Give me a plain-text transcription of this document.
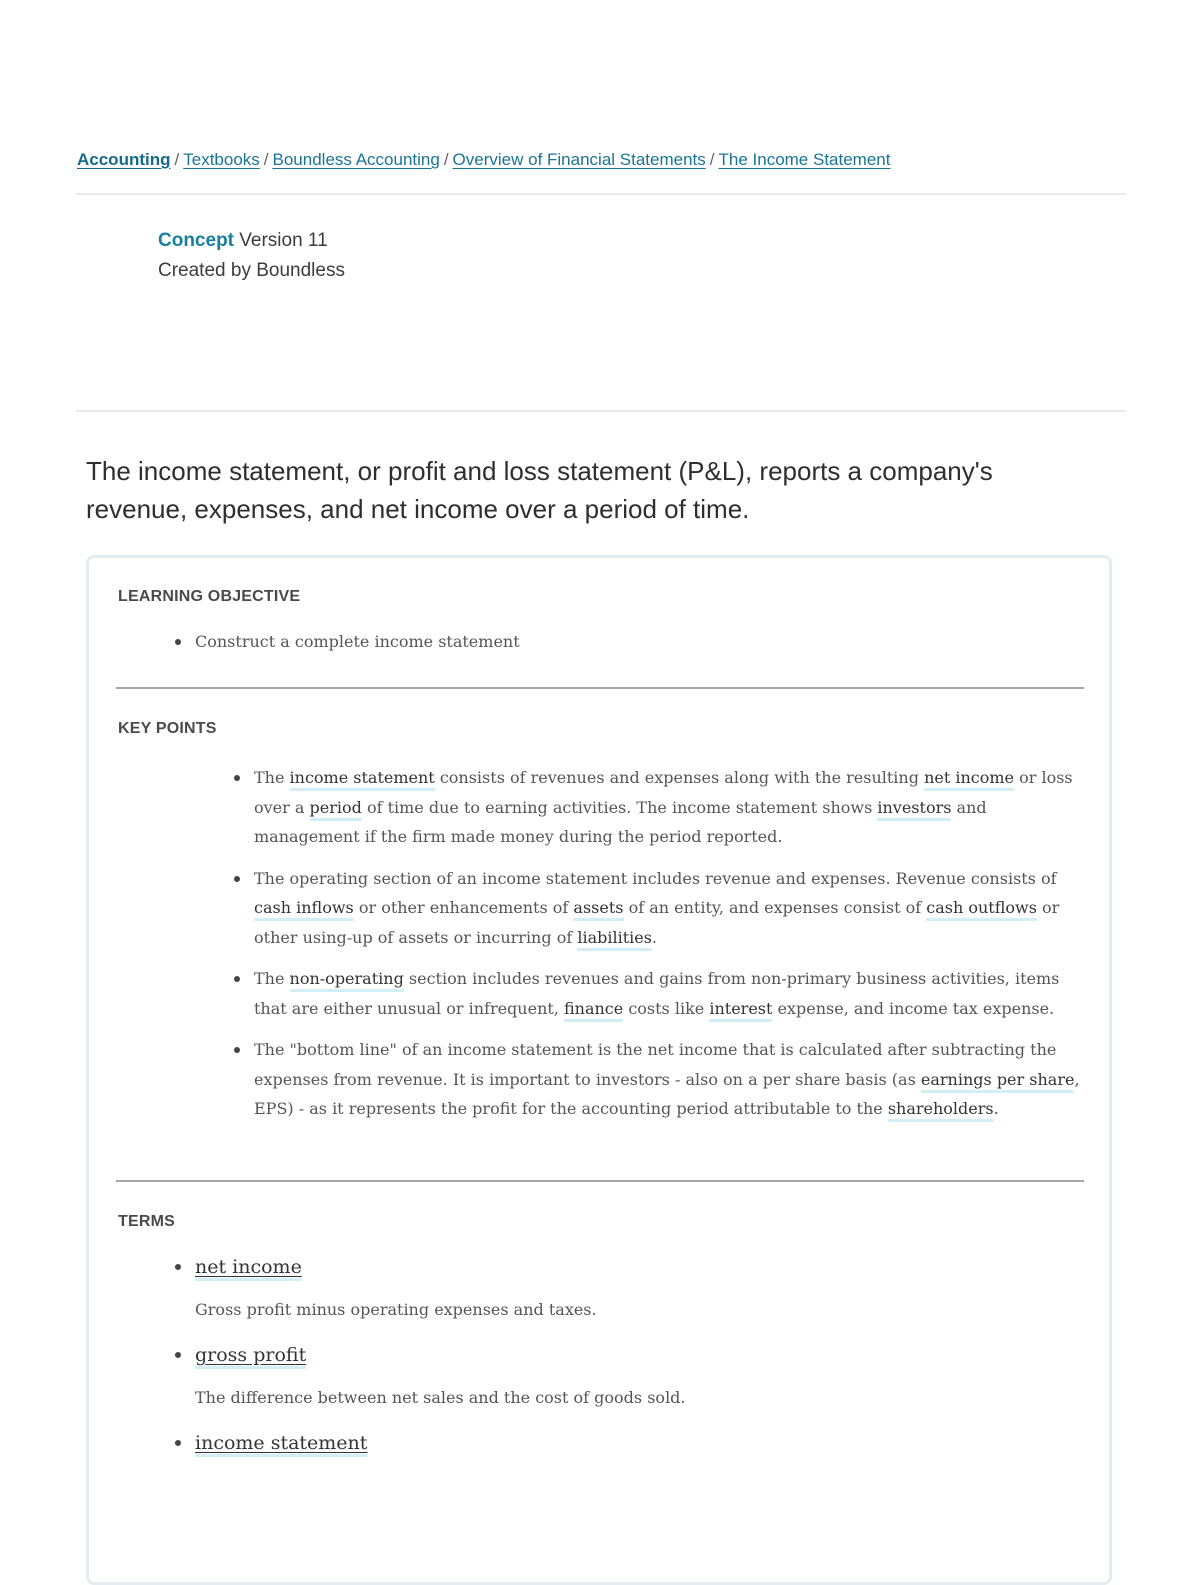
Accounting / Textbooks / Boundless Accounting / Overview of Financial Statements / The Income Statement
Concept Version 11
Created by Boundless

The income statement, or profit and loss statement (P&L), reports a company's revenue, expenses, and net income over a period of time.

LEARNING OBJECTIVE
Construct a complete income statement
KEY POINTS
The income statement consists of revenues and expenses along with the resulting net income or loss over a period of time due to earning activities. The income statement shows investors and management if the firm made money during the period reported.
The operating section of an income statement includes revenue and expenses. Revenue consists of cash inflows or other enhancements of assets of an entity, and expenses consist of cash outflows or other using-up of assets or incurring of liabilities.
The non-operating section includes revenues and gains from non-primary business activities, items that are either unusual or infrequent, finance costs like interest expense, and income tax expense.
The "bottom line" of an income statement is the net income that is calculated after subtracting the expenses from revenue. It is important to investors - also on a per share basis (as earnings per share, EPS) - as it represents the profit for the accounting period attributable to the shareholders.
TERMS
net income
Gross profit minus operating expenses and taxes.
gross profit
The difference between net sales and the cost of goods sold.
income statement
